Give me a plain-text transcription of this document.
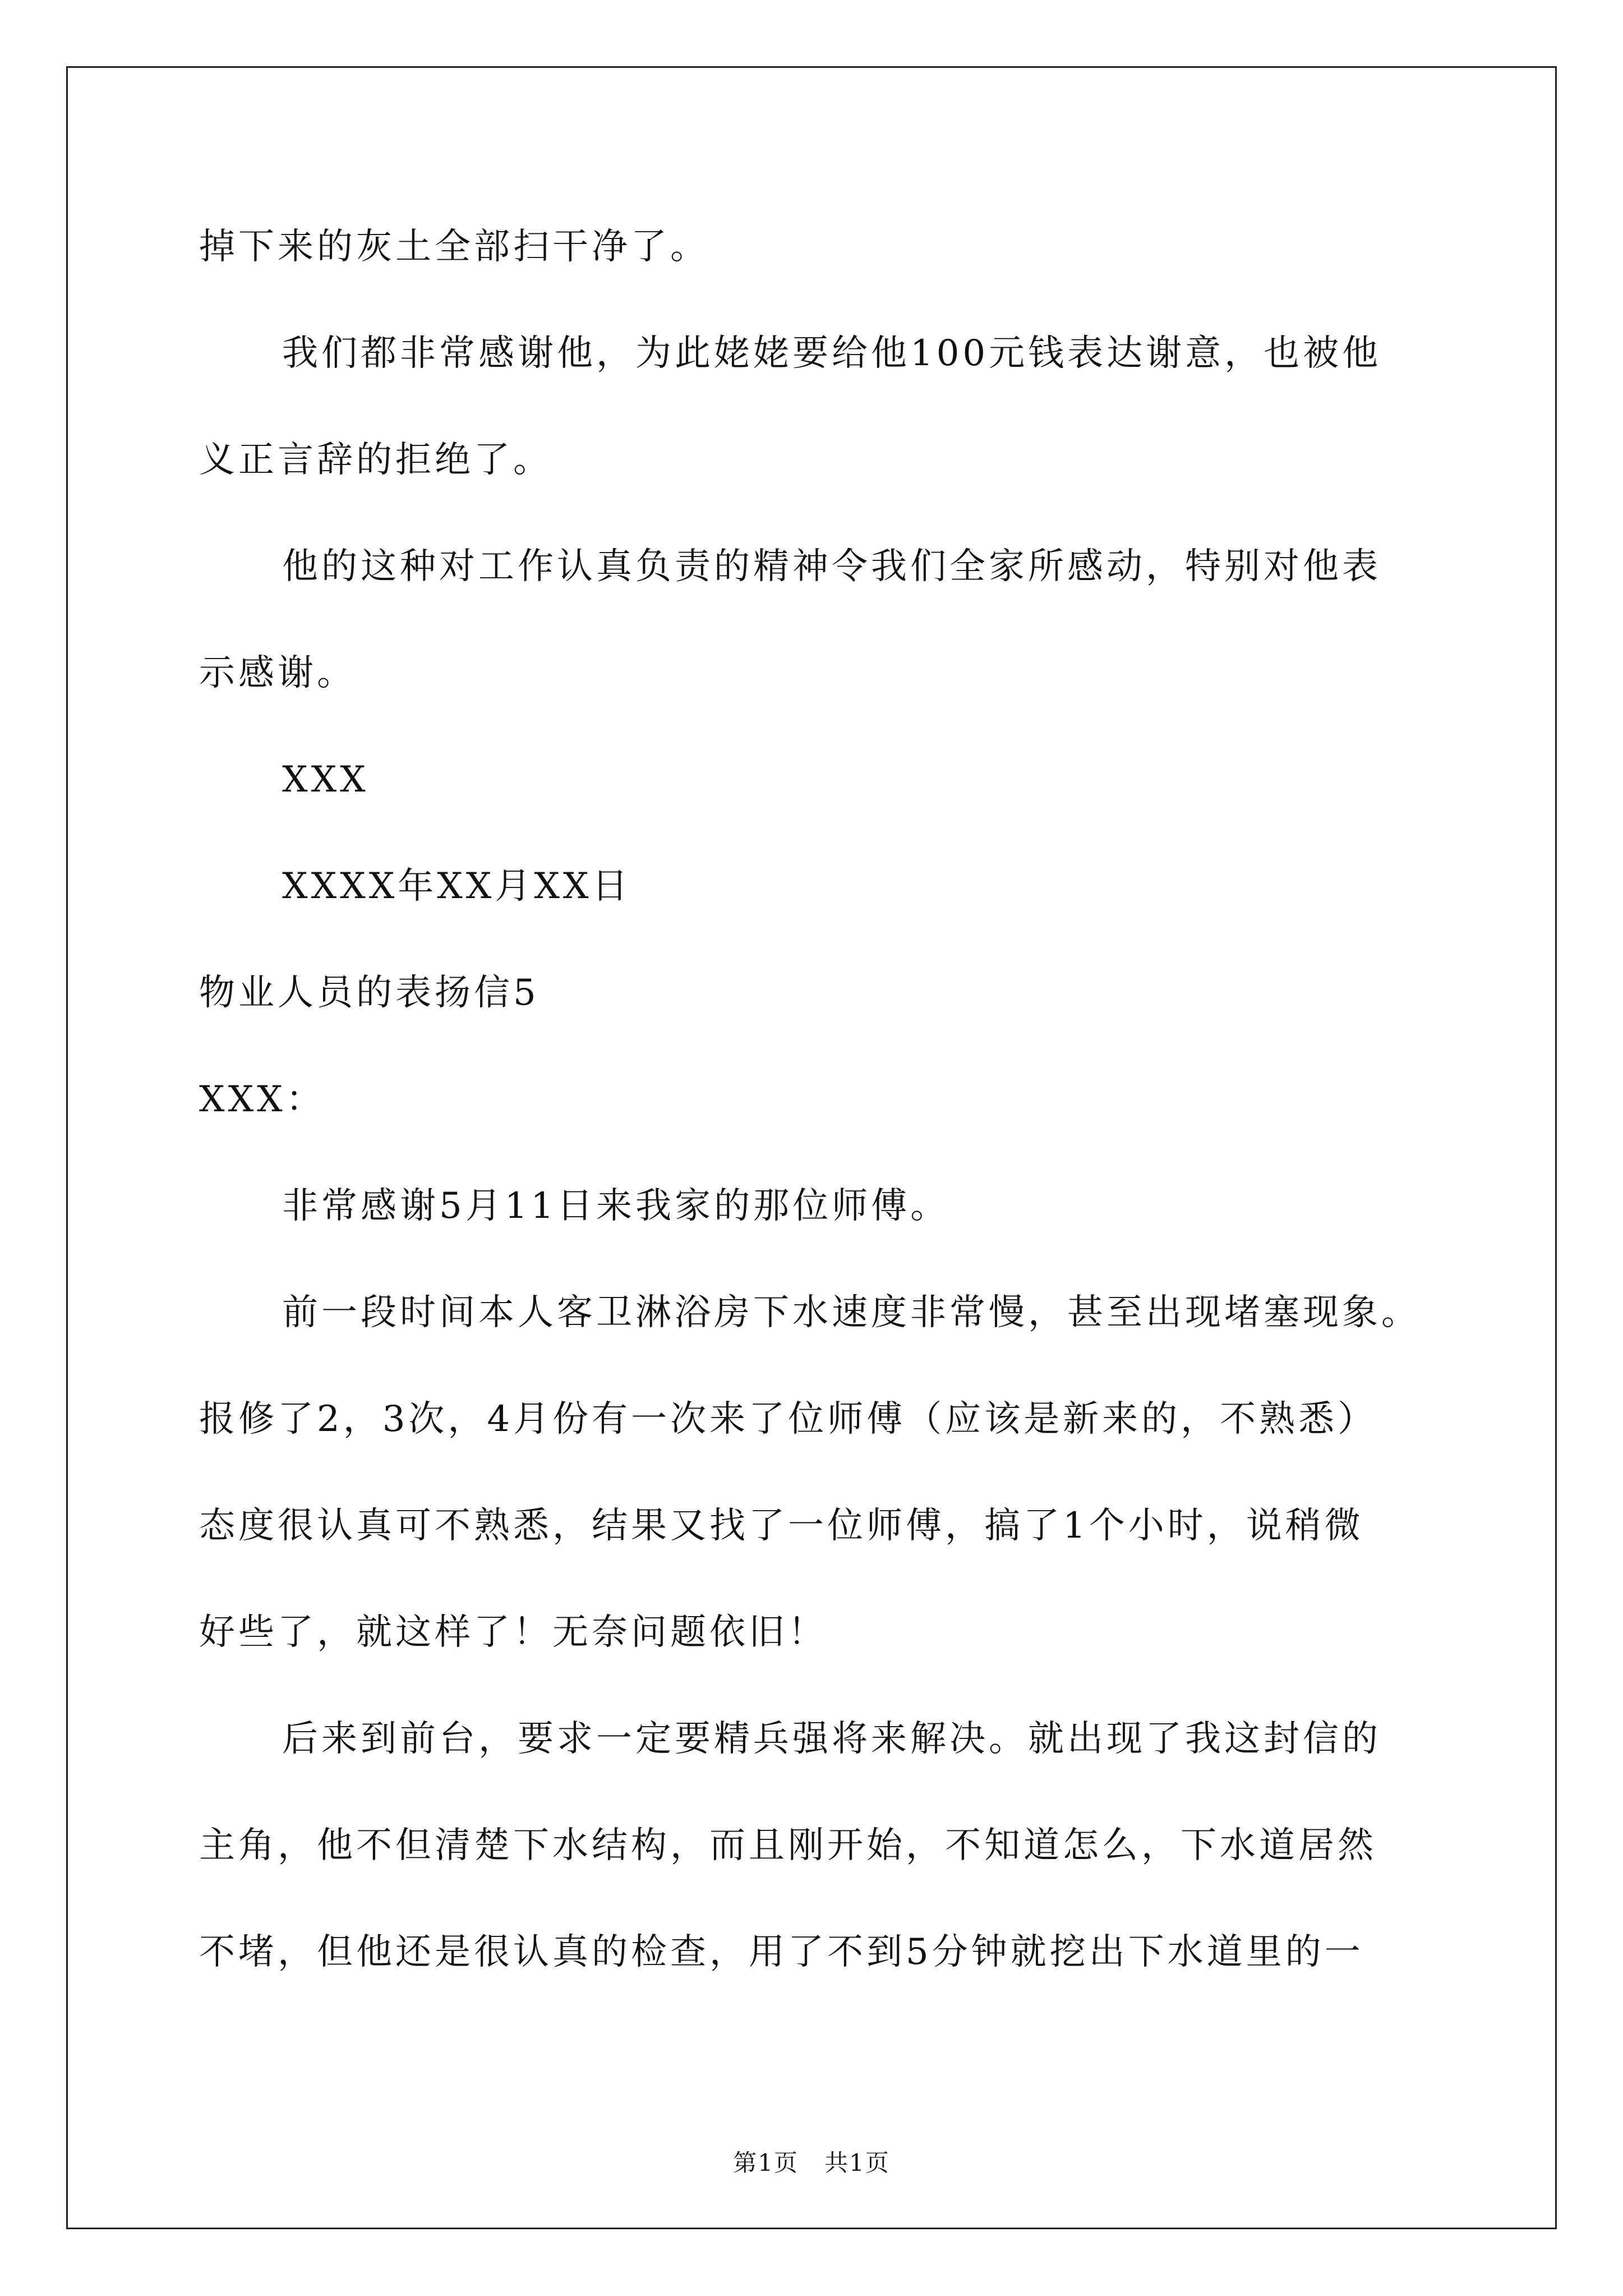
掉下来的灰土全部扫干净了。
我们都非常感谢他，为此姥姥要给他100元钱表达谢意，也被他
义正言辞的拒绝了。
他的这种对工作认真负责的精神令我们全家所感动，特别对他表
示感谢。
XXX
XXXX年XX月XX日
物业人员的表扬信5
XXX：
非常感谢5月11日来我家的那位师傅。
前一段时间本人客卫淋浴房下水速度非常慢，甚至出现堵塞现象。
报修了2，3次，4月份有一次来了位师傅（应该是新来的，不熟悉）
态度很认真可不熟悉，结果又找了一位师傅，搞了1个小时，说稍微
好些了，就这样了！无奈问题依旧！
后来到前台，要求一定要精兵强将来解决。就出现了我这封信的
主角，他不但清楚下水结构，而且刚开始，不知道怎么，下水道居然
不堵，但他还是很认真的检查，用了不到5分钟就挖出下水道里的一
第1页   共1页
